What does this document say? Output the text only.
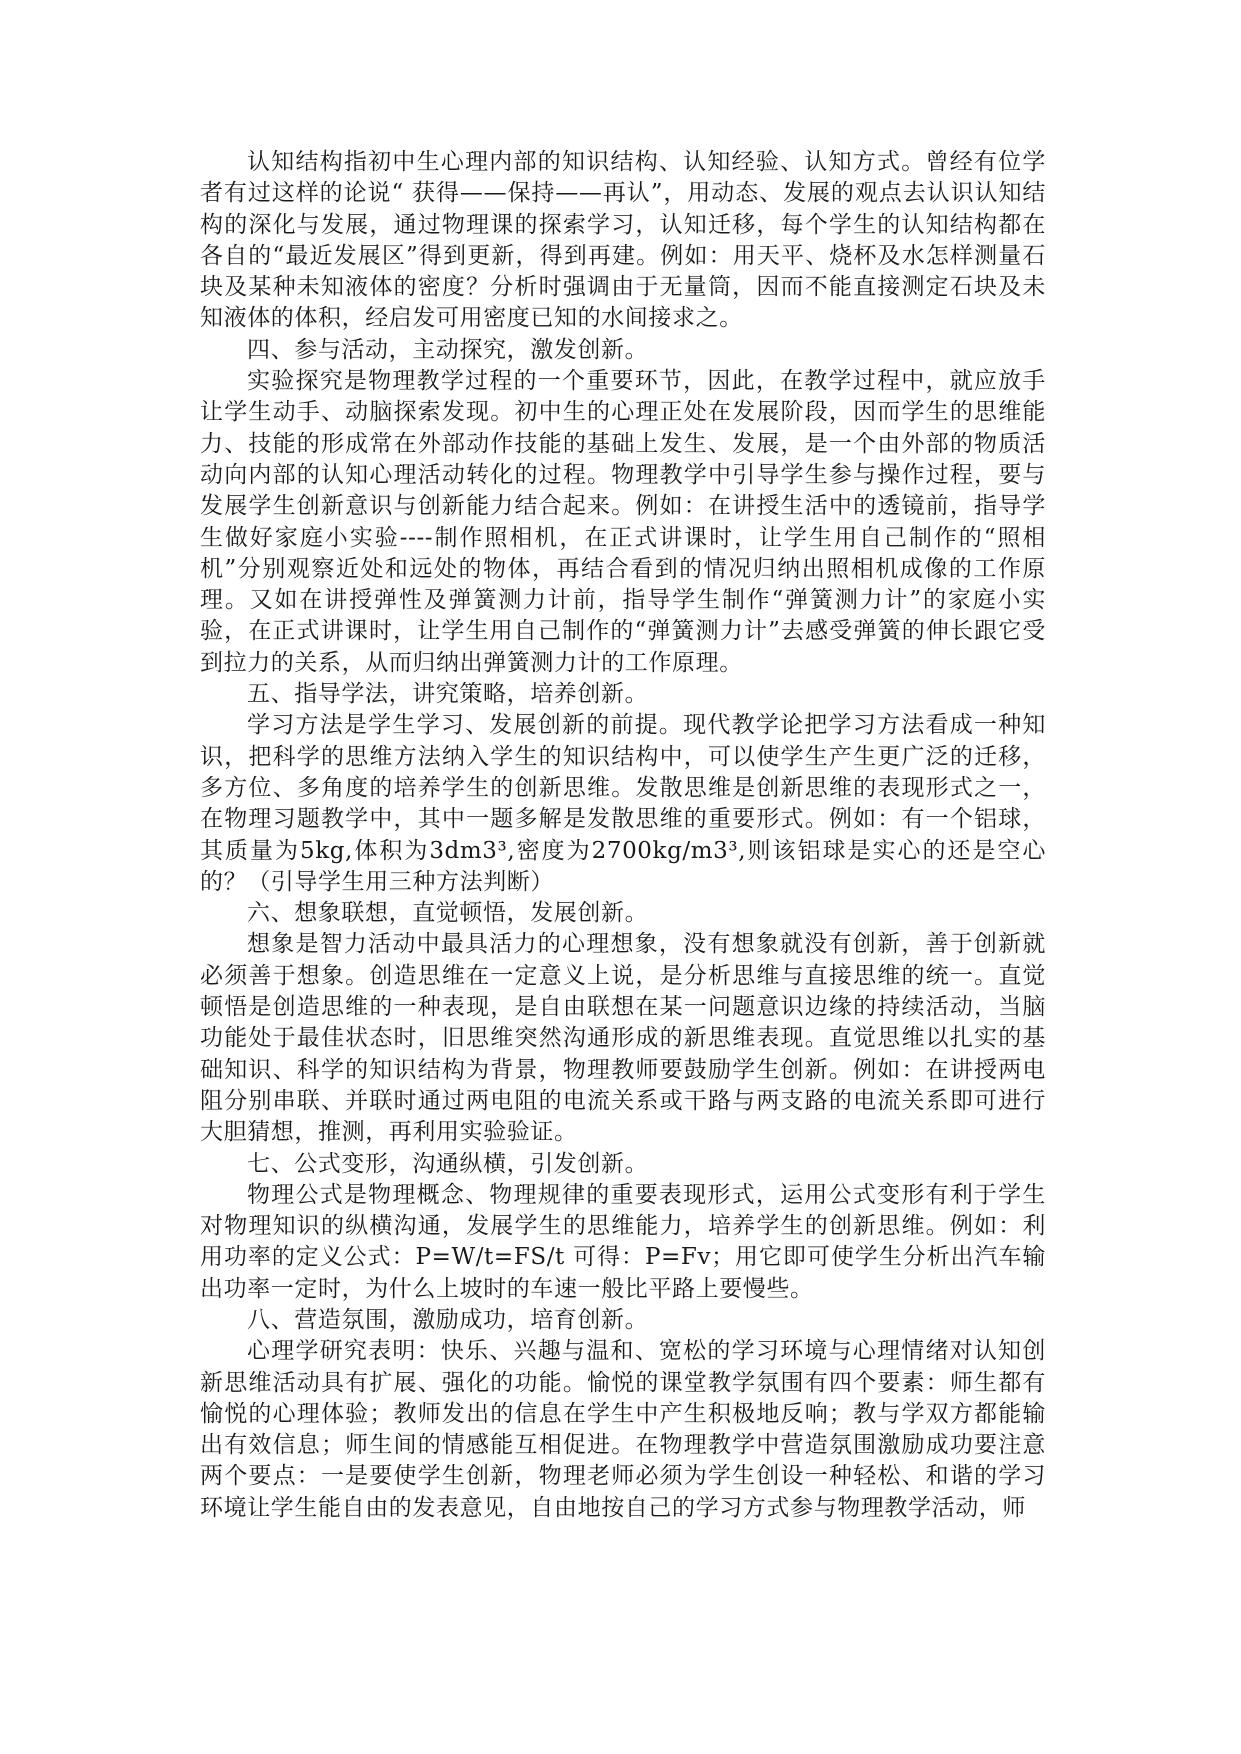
认知结构指初中生心理内部的知识结构、认知经验、认知方式。曾经有位学者有过这样的论说“ 获得——保持——再认”，用动态、发展的观点去认识认知结构的深化与发展，通过物理课的探索学习，认知迁移，每个学生的认知结构都在各自的“最近发展区”得到更新，得到再建。例如：用天平、烧杯及水怎样测量石块及某种未知液体的密度？分析时强调由于无量筒，因而不能直接测定石块及未知液体的体积，经启发可用密度已知的水间接求之。

四、参与活动，主动探究，激发创新。

实验探究是物理教学过程的一个重要环节，因此，在教学过程中，就应放手让学生动手、动脑探索发现。初中生的心理正处在发展阶段，因而学生的思维能力、技能的形成常在外部动作技能的基础上发生、发展，是一个由外部的物质活动向内部的认知心理活动转化的过程。物理教学中引导学生参与操作过程，要与发展学生创新意识与创新能力结合起来。例如：在讲授生活中的透镜前，指导学生做好家庭小实验----制作照相机，在正式讲课时，让学生用自己制作的“照相机”分别观察近处和远处的物体，再结合看到的情况归纳出照相机成像的工作原理。又如在讲授弹性及弹簧测力计前，指导学生制作“弹簧测力计”的家庭小实验，在正式讲课时，让学生用自己制作的“弹簧测力计”去感受弹簧的伸长跟它受到拉力的关系，从而归纳出弹簧测力计的工作原理。

五、指导学法，讲究策略，培养创新。

学习方法是学生学习、发展创新的前提。现代教学论把学习方法看成一种知识，把科学的思维方法纳入学生的知识结构中，可以使学生产生更广泛的迁移，多方位、多角度的培养学生的创新思维。发散思维是创新思维的表现形式之一，在物理习题教学中，其中一题多解是发散思维的重要形式。例如：有一个铝球，其质量为5kg,体积为3dm3³,密度为2700kg/m3³,则该铝球是实心的还是空心的？（引导学生用三种方法判断）

六、想象联想，直觉顿悟，发展创新。

想象是智力活动中最具活力的心理想象，没有想象就没有创新，善于创新就必须善于想象。创造思维在一定意义上说，是分析思维与直接思维的统一。直觉顿悟是创造思维的一种表现，是自由联想在某一问题意识边缘的持续活动，当脑功能处于最佳状态时，旧思维突然沟通形成的新思维表现。直觉思维以扎实的基础知识、科学的知识结构为背景，物理教师要鼓励学生创新。例如：在讲授两电阻分别串联、并联时通过两电阻的电流关系或干路与两支路的电流关系即可进行大胆猜想，推测，再利用实验验证。

七、公式变形，沟通纵横，引发创新。

物理公式是物理概念、物理规律的重要表现形式，运用公式变形有利于学生对物理知识的纵横沟通，发展学生的思维能力，培养学生的创新思维。例如：利用功率的定义公式：P=W/t=FS/t 可得：P=Fv；用它即可使学生分析出汽车输出功率一定时，为什么上坡时的车速一般比平路上要慢些。

八、营造氛围，激励成功，培育创新。

心理学研究表明：快乐、兴趣与温和、宽松的学习环境与心理情绪对认知创新思维活动具有扩展、强化的功能。愉悦的课堂教学氛围有四个要素：师生都有愉悦的心理体验；教师发出的信息在学生中产生积极地反响；教与学双方都能输出有效信息；师生间的情感能互相促进。在物理教学中营造氛围激励成功要注意两个要点：一是要使学生创新，物理老师必须为学生创设一种轻松、和谐的学习环境让学生能自由的发表意见，自由地按自己的学习方式参与物理教学活动，师
